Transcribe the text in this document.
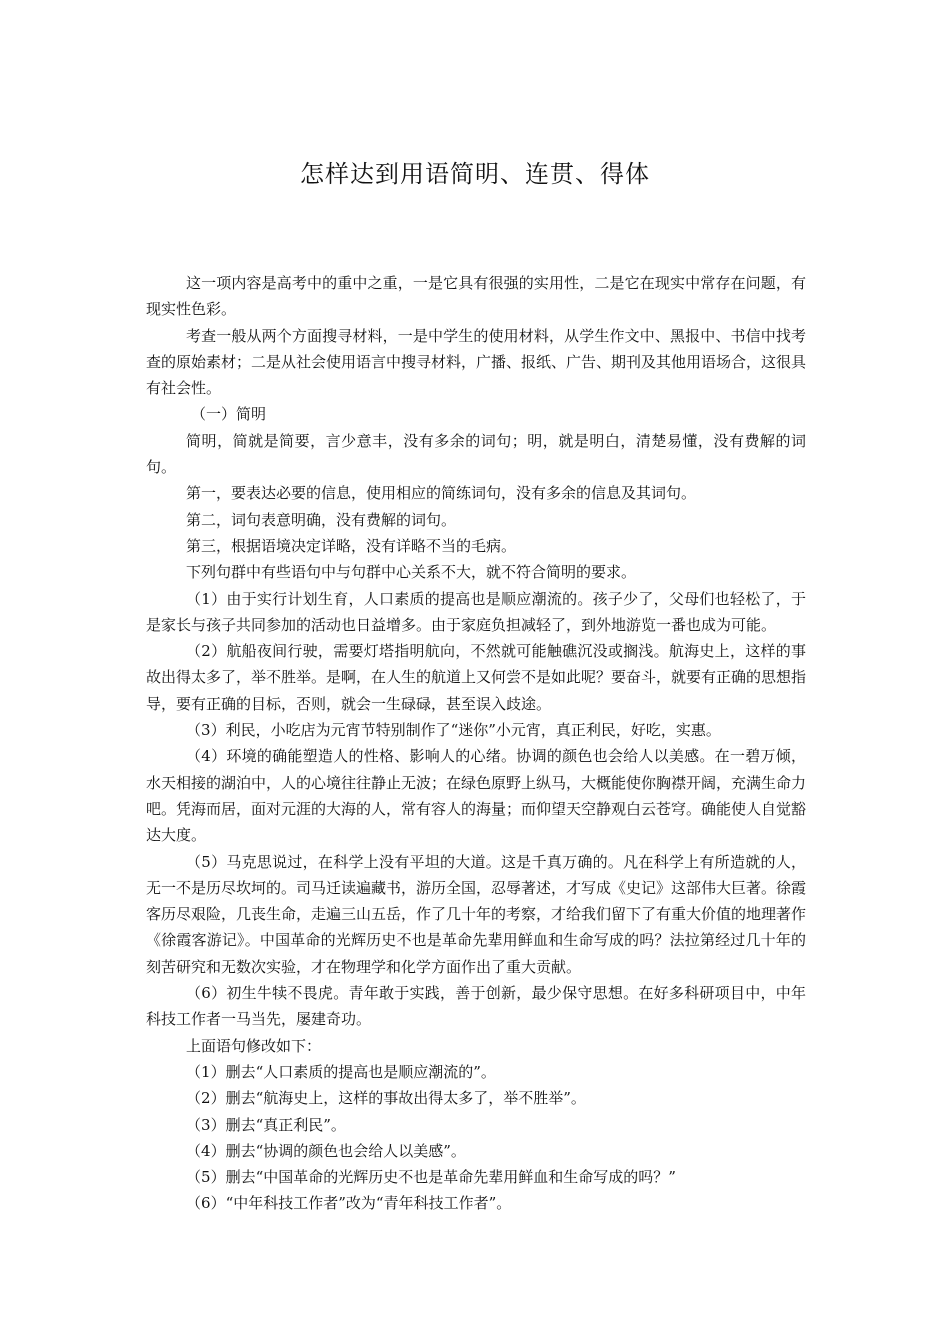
怎样达到用语简明、连贯、得体

这一项内容是高考中的重中之重，一是它具有很强的实用性，二是它在现实中常存在问题，有现实性色彩。

考查一般从两个方面搜寻材料，一是中学生的使用材料，从学生作文中、黑报中、书信中找考查的原始素材；二是从社会使用语言中搜寻材料，广播、报纸、广告、期刊及其他用语场合，这很具有社会性。

（一）简明

简明，简就是简要，言少意丰，没有多余的词句；明，就是明白，清楚易懂，没有费解的词句。

第一，要表达必要的信息，使用相应的简练词句，没有多余的信息及其词句。

第二，词句表意明确，没有费解的词句。

第三，根据语境决定详略，没有详略不当的毛病。

下列句群中有些语句中与句群中心关系不大，就不符合简明的要求。

（1）由于实行计划生育，人口素质的提高也是顺应潮流的。孩子少了，父母们也轻松了，于是家长与孩子共同参加的活动也日益增多。由于家庭负担减轻了，到外地游览一番也成为可能。

（2）航船夜间行驶，需要灯塔指明航向，不然就可能触礁沉没或搁浅。航海史上，这样的事故出得太多了，举不胜举。是啊，在人生的航道上又何尝不是如此呢？要奋斗，就要有正确的思想指导，要有正确的目标，否则，就会一生碌碌，甚至误入歧途。

（3）利民，小吃店为元宵节特别制作了“迷你”小元宵，真正利民，好吃，实惠。

（4）环境的确能塑造人的性格、影响人的心绪。协调的颜色也会给人以美感。在一碧万倾，水天相接的湖泊中，人的心境往往静止无波；在绿色原野上纵马，大概能使你胸襟开阔，充满生命力吧。凭海而居，面对元涯的大海的人，常有容人的海量；而仰望天空静观白云苍穹。确能使人自觉豁达大度。

（5）马克思说过，在科学上没有平坦的大道。这是千真万确的。凡在科学上有所造就的人，无一不是历尽坎坷的。司马迁读遍藏书，游历全国，忍辱著述，才写成《史记》这部伟大巨著。徐霞客历尽艰险，几丧生命，走遍三山五岳，作了几十年的考察，才给我们留下了有重大价值的地理著作《徐霞客游记》。中国革命的光辉历史不也是革命先辈用鲜血和生命写成的吗？法拉第经过几十年的刻苦研究和无数次实验，才在物理学和化学方面作出了重大贡献。

（6）初生牛犊不畏虎。青年敢于实践，善于创新，最少保守思想。在好多科研项目中，中年科技工作者一马当先，屡建奇功。

上面语句修改如下：

（1）删去“人口素质的提高也是顺应潮流的”。

（2）删去“航海史上，这样的事故出得太多了，举不胜举”。

（3）删去“真正利民”。

（4）删去“协调的颜色也会给人以美感”。

（5）删去“中国革命的光辉历史不也是革命先辈用鲜血和生命写成的吗？”

（6）“中年科技工作者”改为“青年科技工作者”。
